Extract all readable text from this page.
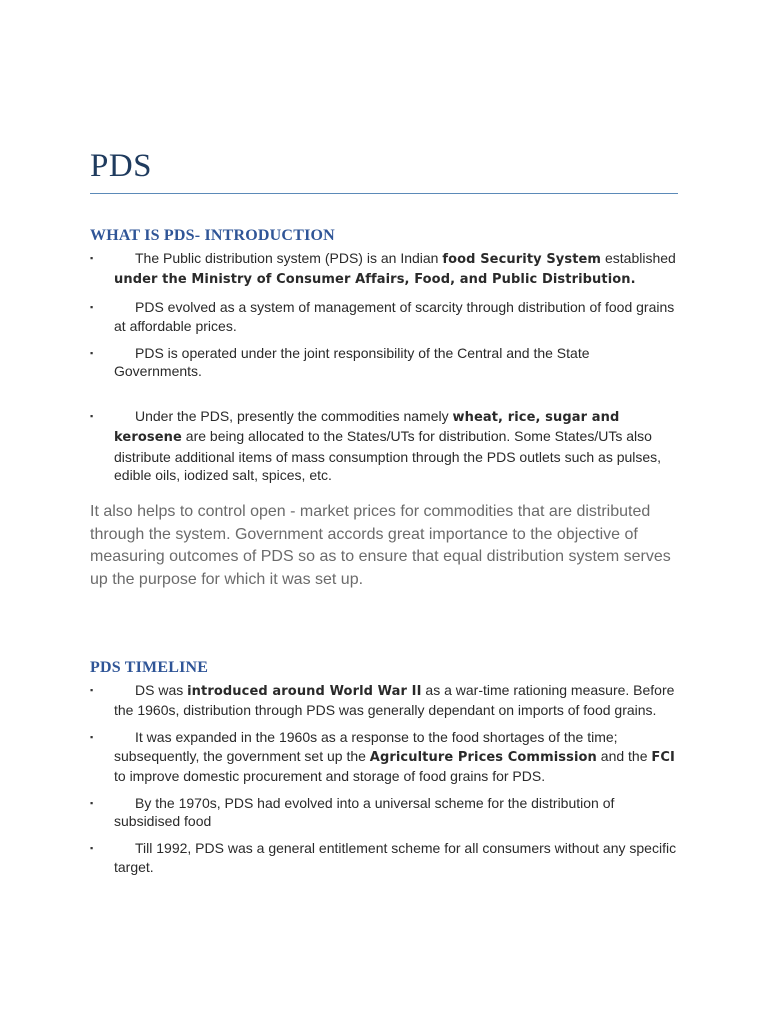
PDS
WHAT IS PDS- INTRODUCTION
▪	The Public distribution system (PDS) is an Indian food Security System established under the Ministry of Consumer Affairs, Food, and Public Distribution.
▪	PDS evolved as a system of management of scarcity through distribution of food grains at affordable prices.
▪	PDS is operated under the joint responsibility of the Central and the State Governments.
▪	Under the PDS, presently the commodities namely wheat, rice, sugar and kerosene are being allocated to the States/UTs for distribution. Some States/UTs also distribute additional items of mass consumption through the PDS outlets such as pulses, edible oils, iodized salt, spices, etc.

It also helps to control open - market prices for commodities that are distributed through the system. Government accords great importance to the objective of measuring outcomes of PDS so as to ensure that equal distribution system serves up the purpose for which it was set up.

PDS TIMELINE
▪	DS was introduced around World War II as a war-time rationing measure. Before the 1960s, distribution through PDS was generally dependant on imports of food grains.
▪	It was expanded in the 1960s as a response to the food shortages of the time; subsequently, the government set up the Agriculture Prices Commission and the FCI to improve domestic procurement and storage of food grains for PDS.
▪	By the 1970s, PDS had evolved into a universal scheme for the distribution of subsidised food
▪	Till 1992, PDS was a general entitlement scheme for all consumers without any specific target.
